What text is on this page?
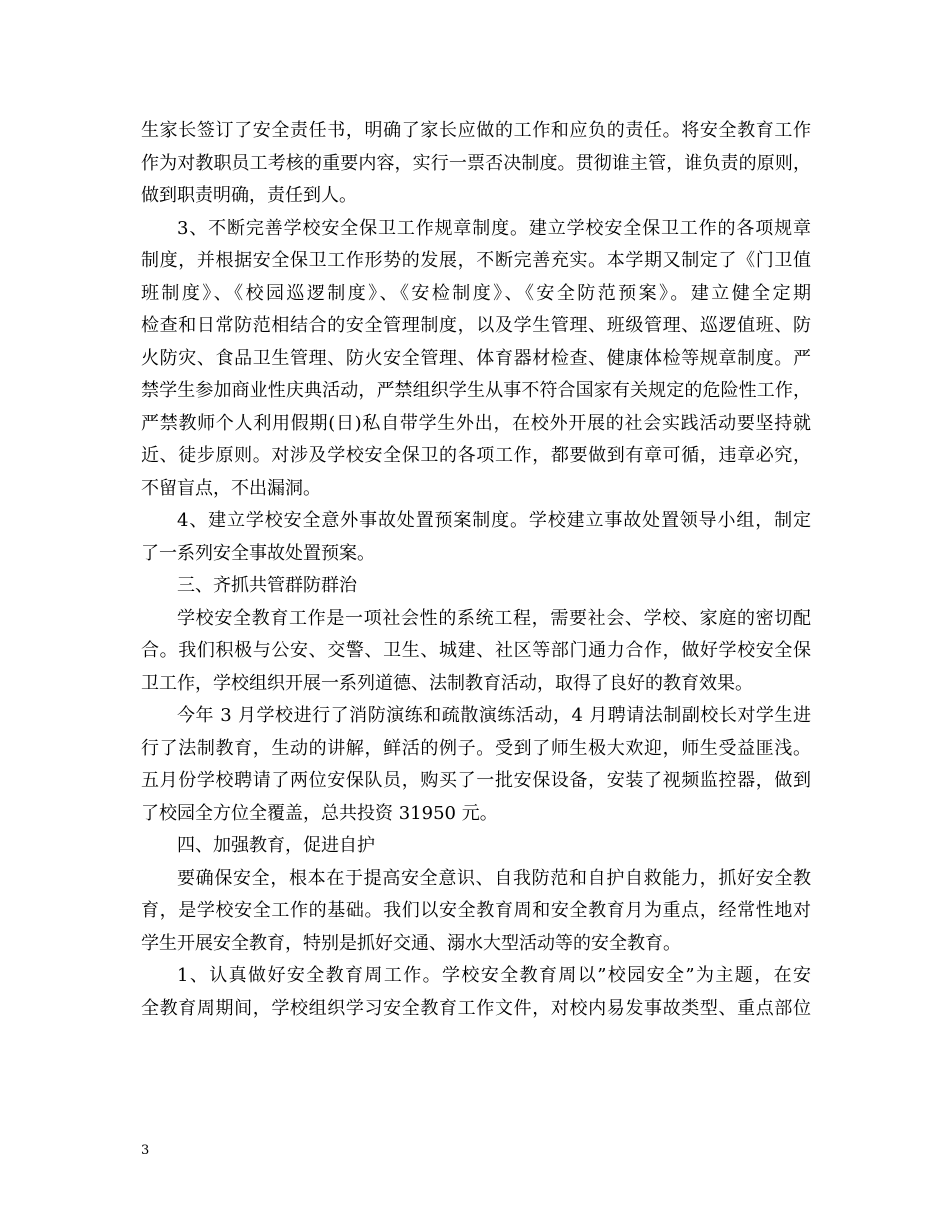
生家长签订了安全责任书，明确了家长应做的工作和应负的责任。将安全教育工作
作为对教职员工考核的重要内容，实行一票否决制度。贯彻谁主管，谁负责的原则，
做到职责明确，责任到人。
3、不断完善学校安全保卫工作规章制度。建立学校安全保卫工作的各项规章
制度，并根据安全保卫工作形势的发展，不断完善充实。本学期又制定了《门卫值
班制度》、《校园巡逻制度》、《安检制度》、《安全防范预案》。建立健全定期
检查和日常防范相结合的安全管理制度，以及学生管理、班级管理、巡逻值班、防
火防灾、食品卫生管理、防火安全管理、体育器材检查、健康体检等规章制度。严
禁学生参加商业性庆典活动，严禁组织学生从事不符合国家有关规定的危险性工作，
严禁教师个人利用假期(日)私自带学生外出，在校外开展的社会实践活动要坚持就
近、徒步原则。对涉及学校安全保卫的各项工作，都要做到有章可循，违章必究，
不留盲点，不出漏洞。
4、建立学校安全意外事故处置预案制度。学校建立事故处置领导小组，制定
了一系列安全事故处置预案。
三、齐抓共管群防群治
学校安全教育工作是一项社会性的系统工程，需要社会、学校、家庭的密切配
合。我们积极与公安、交警、卫生、城建、社区等部门通力合作，做好学校安全保
卫工作，学校组织开展一系列道德、法制教育活动，取得了良好的教育效果。
今年 3 月学校进行了消防演练和疏散演练活动，4 月聘请法制副校长对学生进
行了法制教育，生动的讲解，鲜活的例子。受到了师生极大欢迎，师生受益匪浅。
五月份学校聘请了两位安保队员，购买了一批安保设备，安装了视频监控器，做到
了校园全方位全覆盖，总共投资 31950 元。
四、加强教育，促进自护
要确保安全，根本在于提高安全意识、自我防范和自护自救能力，抓好安全教
育，是学校安全工作的基础。我们以安全教育周和安全教育月为重点，经常性地对
学生开展安全教育，特别是抓好交通、溺水大型活动等的安全教育。
1、认真做好安全教育周工作。学校安全教育周以”校园安全”为主题，在安
全教育周期间，学校组织学习安全教育工作文件，对校内易发事故类型、重点部位
3
